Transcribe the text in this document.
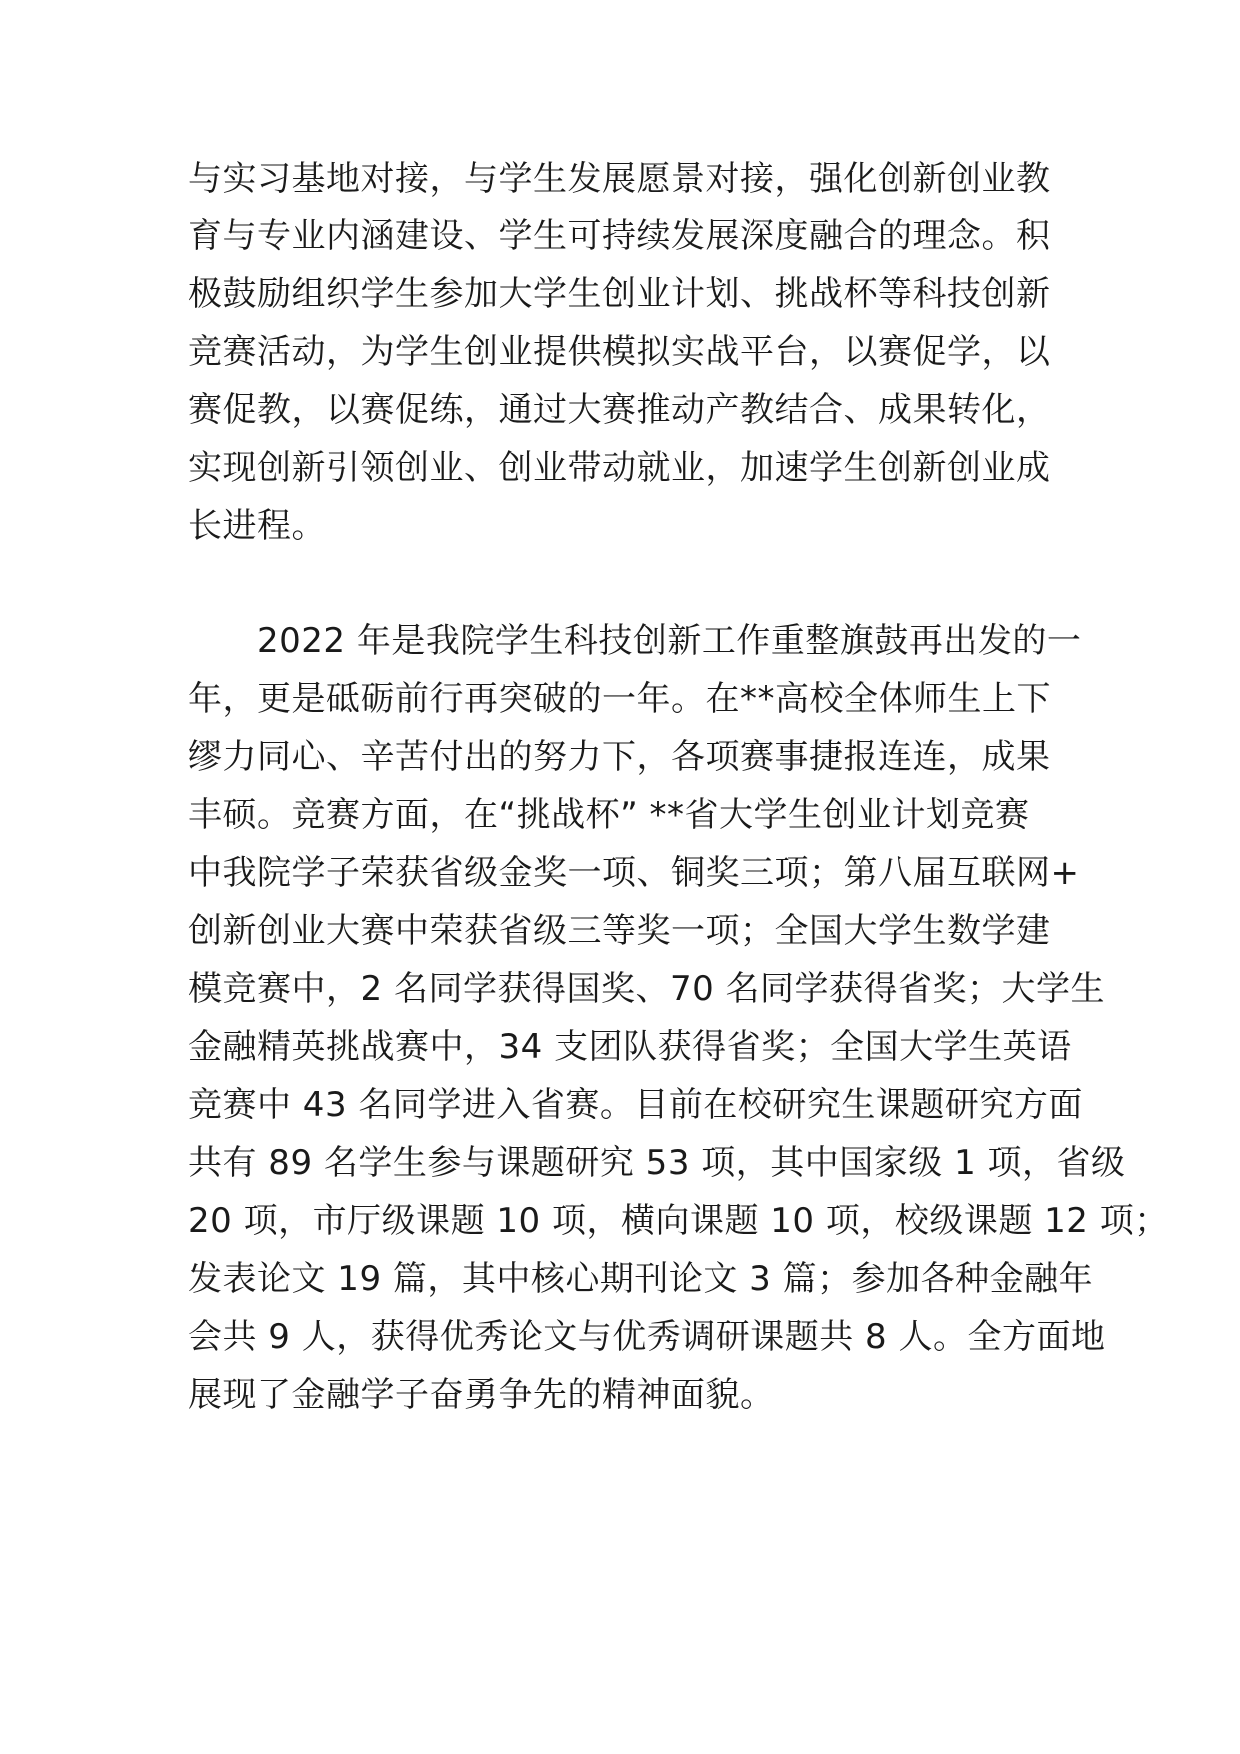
与实习基地对接，与学生发展愿景对接，强化创新创业教
育与专业内涵建设、学生可持续发展深度融合的理念。积
极鼓励组织学生参加大学生创业计划、挑战杯等科技创新
竞赛活动，为学生创业提供模拟实战平台，以赛促学，以
赛促教，以赛促练，通过大赛推动产教结合、成果转化，
实现创新引领创业、创业带动就业，加速学生创新创业成
长进程。
2022 年是我院学生科技创新工作重整旗鼓再出发的一
年，更是砥砺前行再突破的一年。在**高校全体师生上下
缪力同心、辛苦付出的努力下，各项赛事捷报连连，成果
丰硕。竞赛方面，在“挑战杯” **省大学生创业计划竞赛
中我院学子荣获省级金奖一项、铜奖三项；第八届互联网+
创新创业大赛中荣获省级三等奖一项；全国大学生数学建
模竞赛中，2 名同学获得国奖、70 名同学获得省奖；大学生
金融精英挑战赛中，34 支团队获得省奖；全国大学生英语
竞赛中 43 名同学进入省赛。目前在校研究生课题研究方面
共有 89 名学生参与课题研究 53 项，其中国家级 1 项，省级
20 项，市厅级课题 10 项，横向课题 10 项，校级课题 12 项；
发表论文 19 篇，其中核心期刊论文 3 篇；参加各种金融年
会共 9 人，获得优秀论文与优秀调研课题共 8 人。全方面地
展现了金融学子奋勇争先的精神面貌。
